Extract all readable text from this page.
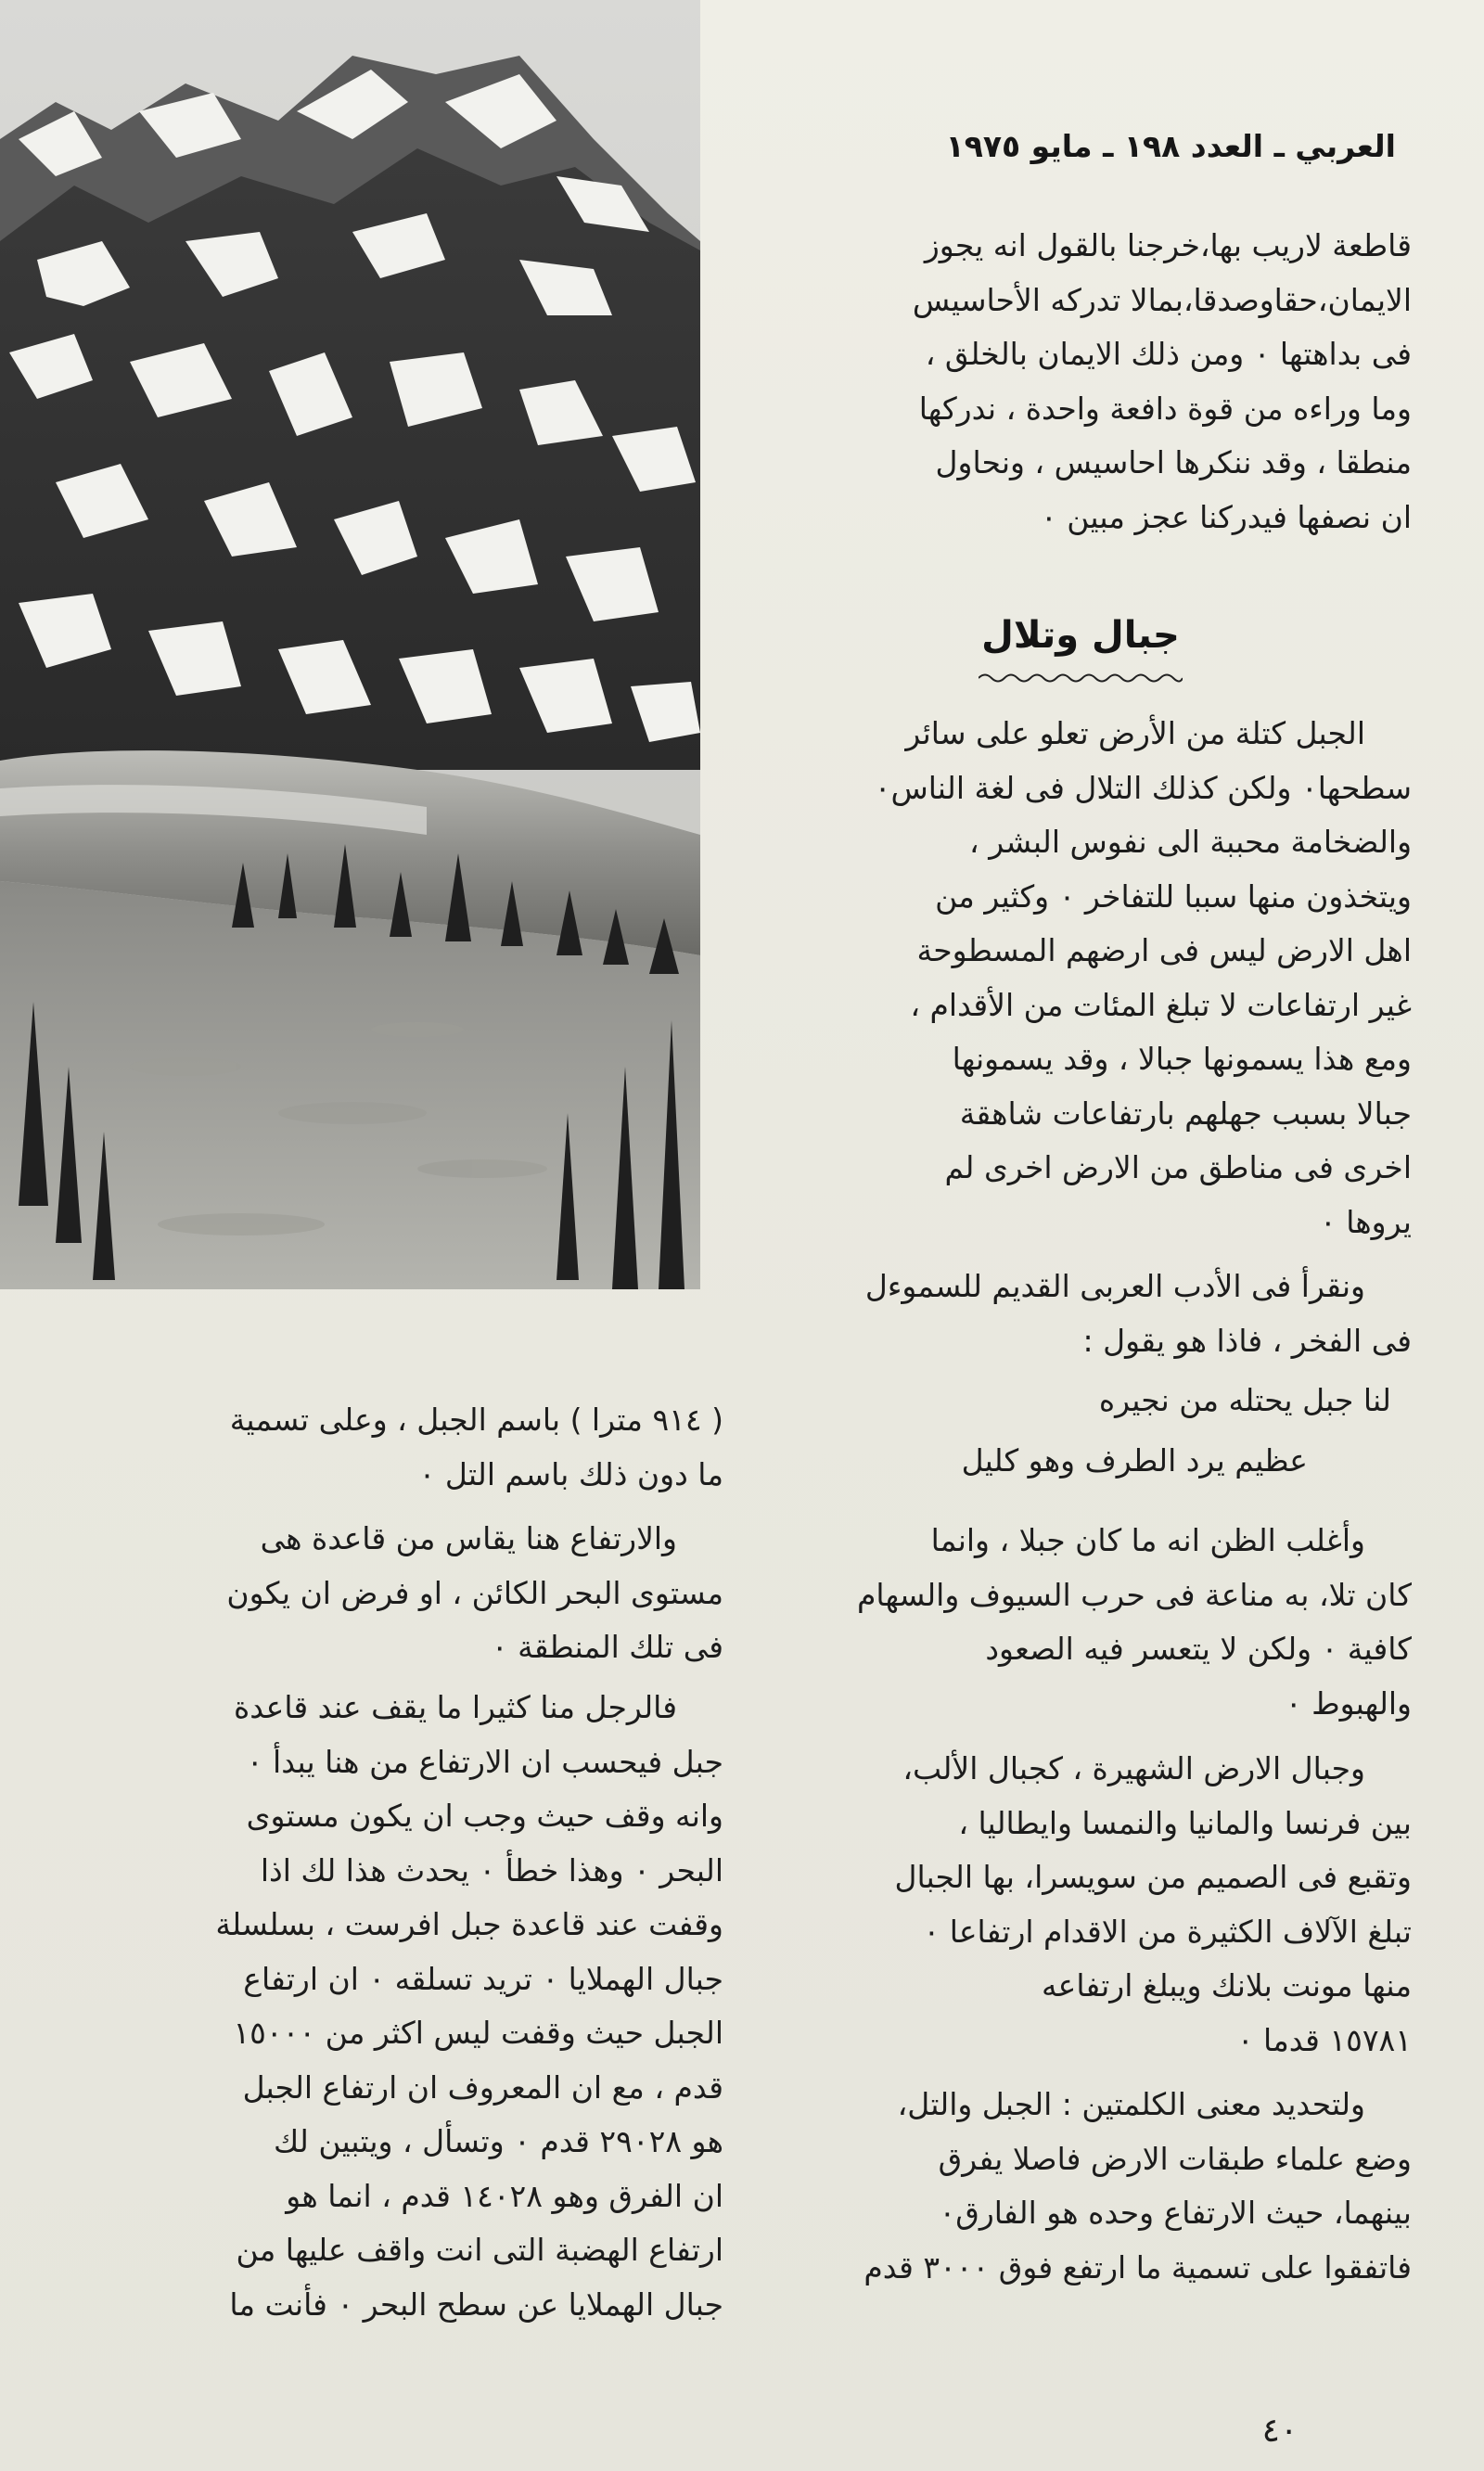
العربي ـ العدد ١٩٨ ـ مايو ١٩٧٥

قاطعة لاريب بها،خرجنا بالقول انه يجوز

الايمان،حقاوصدقا،بمالا تدركه الأحاسيس

فى بداهتها ٠ ومن ذلك الايمان بالخلق ،

وما وراءه من قوة دافعة واحدة ، ندركها

منطقا ، وقد ننكرها احاسيس ، ونحاول

ان نصفها فيدركنا عجز مبين ٠

جبال وتلال

الجبل كتلة من الأرض تعلو على سائر

سطحها٠ ولكن كذلك التلال فى لغة الناس٠

والضخامة محببة الى نفوس البشر ،

ويتخذون منها سببا للتفاخر ٠ وكثير من

اهل الارض ليس فى ارضهم المسطوحة

غير ارتفاعات لا تبلغ المئات من الأقدام ،

ومع هذا يسمونها جبالا ، وقد يسمونها

جبالا بسبب جهلهم بارتفاعات شاهقة

اخرى فى مناطق من الارض اخرى لم

يروها ٠

ونقرأ فى الأدب العربى القديم للسموءل

فى الفخر ، فاذا هو يقول :

لنا جبل يحتله من نجيره
عظيم يرد الطرف وهو كليل

وأغلب الظن انه ما كان جبلا ، وانما

كان تلا، به مناعة فى حرب السيوف والسهام

كافية ٠ ولكن لا يتعسر فيه الصعود

والهبوط ٠

وجبال الارض الشهيرة ، كجبال الألب،

بين فرنسا والمانيا والنمسا وايطاليا ،

وتقبع فى الصميم من سويسرا، بها الجبال

تبلغ الآلاف الكثيرة من الاقدام ارتفاعا ٠

منها مونت بلانك ويبلغ ارتفاعه

١٥٧٨١ قدما ٠

ولتحديد معنى الكلمتين : الجبل والتل،

وضع علماء طبقات الارض فاصلا يفرق

بينهما، حيث الارتفاع وحده هو الفارق٠

فاتفقوا على تسمية ما ارتفع فوق ٣٠٠٠ قدم

( ٩١٤ مترا ) باسم الجبل ، وعلى تسمية

ما دون ذلك باسم التل ٠

والارتفاع هنا يقاس من قاعدة هى

مستوى البحر الكائن ، او فرض ان يكون

فى تلك المنطقة ٠

فالرجل منا كثيرا ما يقف عند قاعدة

جبل فيحسب ان الارتفاع من هنا يبدأ ٠

وانه وقف حيث وجب ان يكون مستوى

البحر ٠ وهذا خطأ ٠ يحدث هذا لك اذا

وقفت عند قاعدة جبل افرست ، بسلسلة

جبال الهملايا ٠ تريد تسلقه ٠ ان ارتفاع

الجبل حيث وقفت ليس اكثر من ١٥٠٠٠

قدم ، مع ان المعروف ان ارتفاع الجبل

هو ٢٩٠٢٨ قدم ٠ وتسأل ، ويتبين لك

ان الفرق وهو ١٤٠٢٨ قدم ، انما هو

ارتفاع الهضبة التى انت واقف عليها من

جبال الهملايا عن سطح البحر ٠ فأنت ما

٤٠
